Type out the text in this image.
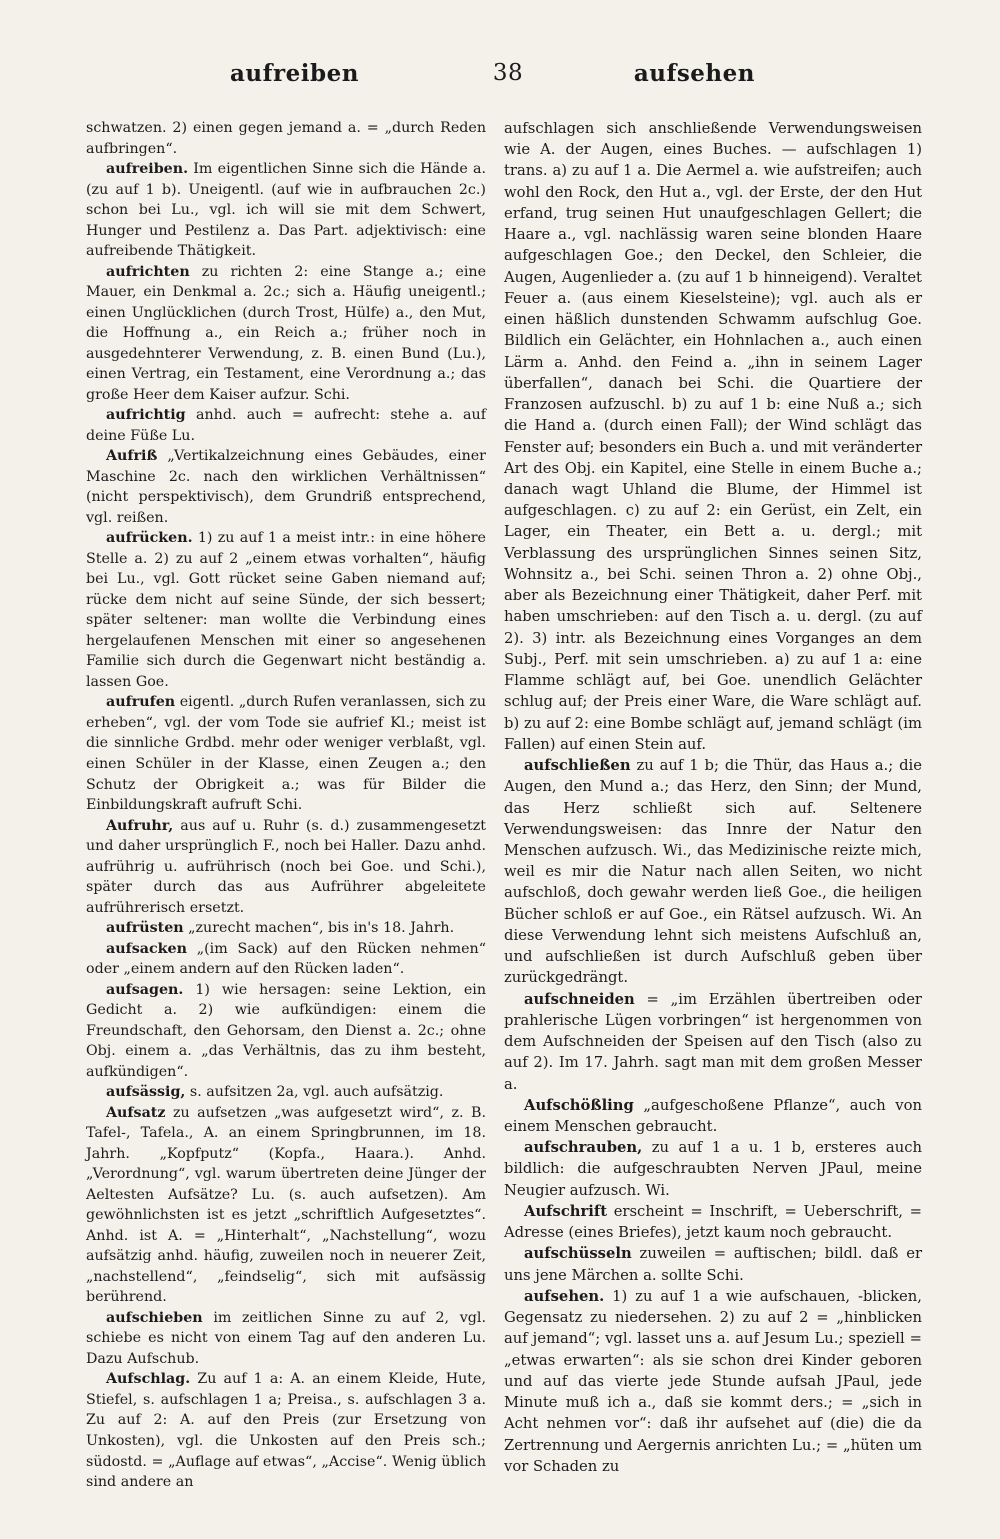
aufreiben	38	aufsehen

schwatzen. 2) einen gegen jemand a. = „durch Reden aufbringen“.

aufreiben. Im eigentlichen Sinne sich die Hände a. (zu auf 1 b). Uneigentl. (auf wie in aufbrauchen 2c.) schon bei Lu., vgl. ich will sie mit dem Schwert, Hunger und Pestilenz a. Das Part. adjektivisch: eine aufreibende Thätigkeit.

aufrichten zu richten 2: eine Stange a.; eine Mauer, ein Denkmal a. 2c.; sich a. Häufig uneigentl.; einen Unglücklichen (durch Trost, Hülfe) a., den Mut, die Hoffnung a., ein Reich a.; früher noch in ausgedehnterer Verwendung, z. B. einen Bund (Lu.), einen Vertrag, ein Testament, eine Verordnung a.; das große Heer dem Kaiser aufzur. Schi.

aufrichtig anhd. auch = aufrecht: stehe a. auf deine Füße Lu.

Aufriß „Vertikalzeichnung eines Gebäudes, einer Maschine 2c. nach den wirklichen Verhältnissen“ (nicht perspektivisch), dem Grundriß entsprechend, vgl. reißen.

aufrücken. 1) zu auf 1 a meist intr.: in eine höhere Stelle a. 2) zu auf 2 „einem etwas vorhalten“, häufig bei Lu., vgl. Gott rücket seine Gaben niemand auf; rücke dem nicht auf seine Sünde, der sich bessert; später seltener: man wollte die Verbindung eines hergelaufenen Menschen mit einer so angesehenen Familie sich durch die Gegenwart nicht beständig a. lassen Goe.

aufrufen eigentl. „durch Rufen veranlassen, sich zu erheben“, vgl. der vom Tode sie aufrief Kl.; meist ist die sinnliche Grdbd. mehr oder weniger verblaßt, vgl. einen Schüler in der Klasse, einen Zeugen a.; den Schutz der Obrigkeit a.; was für Bilder die Einbildungskraft aufruft Schi.

Aufruhr, aus auf u. Ruhr (s. d.) zusammengesetzt und daher ursprünglich F., noch bei Haller. Dazu anhd. aufrührig u. aufrührisch (noch bei Goe. und Schi.), später durch das aus Aufrührer abgeleitete aufrührerisch ersetzt.

aufrüsten „zurecht machen“, bis in's 18. Jahrh.

aufsacken „(im Sack) auf den Rücken nehmen“ oder „einem andern auf den Rücken laden“.

aufsagen. 1) wie hersagen: seine Lektion, ein Gedicht a. 2) wie aufkündigen: einem die Freundschaft, den Gehorsam, den Dienst a. 2c.; ohne Obj. einem a. „das Verhältnis, das zu ihm besteht, aufkündigen“.

aufsässig, s. aufsitzen 2a, vgl. auch aufsätzig.

Aufsatz zu aufsetzen „was aufgesetzt wird“, z. B. Tafel-, Tafela., A. an einem Springbrunnen, im 18. Jahrh. „Kopfputz“ (Kopfa., Haara.). Anhd. „Verordnung“, vgl. warum übertreten deine Jünger der Aeltesten Aufsätze? Lu. (s. auch aufsetzen). Am gewöhnlichsten ist es jetzt „schriftlich Aufgesetztes“. Anhd. ist A. = „Hinterhalt“, „Nachstellung“, wozu aufsätzig anhd. häufig, zuweilen noch in neuerer Zeit, „nachstellend“, „feindselig“, sich mit aufsässig berührend.

aufschieben im zeitlichen Sinne zu auf 2, vgl. schiebe es nicht von einem Tag auf den anderen Lu. Dazu Aufschub.

Aufschlag. Zu auf 1 a: A. an einem Kleide, Hute, Stiefel, s. aufschlagen 1 a; Preisa., s. aufschlagen 3 a. Zu auf 2: A. auf den Preis (zur Ersetzung von Unkosten), vgl. die Unkosten auf den Preis sch.; südostd. = „Auflage auf etwas“, „Accise“. Wenig üblich sind andere an

aufschlagen sich anschließende Verwendungsweisen wie A. der Augen, eines Buches. — aufschlagen 1) trans. a) zu auf 1 a. Die Aermel a. wie aufstreifen; auch wohl den Rock, den Hut a., vgl. der Erste, der den Hut erfand, trug seinen Hut unaufgeschlagen Gellert; die Haare a., vgl. nachlässig waren seine blonden Haare aufgeschlagen Goe.; den Deckel, den Schleier, die Augen, Augenlieder a. (zu auf 1 b hinneigend). Veraltet Feuer a. (aus einem Kieselsteine); vgl. auch als er einen häßlich dunstenden Schwamm aufschlug Goe. Bildlich ein Gelächter, ein Hohnlachen a., auch einen Lärm a. Anhd. den Feind a. „ihn in seinem Lager überfallen“, danach bei Schi. die Quartiere der Franzosen aufzuschl. b) zu auf 1 b: eine Nuß a.; sich die Hand a. (durch einen Fall); der Wind schlägt das Fenster auf; besonders ein Buch a. und mit veränderter Art des Obj. ein Kapitel, eine Stelle in einem Buche a.; danach wagt Uhland die Blume, der Himmel ist aufgeschlagen. c) zu auf 2: ein Gerüst, ein Zelt, ein Lager, ein Theater, ein Bett a. u. dergl.; mit Verblassung des ursprünglichen Sinnes seinen Sitz, Wohnsitz a., bei Schi. seinen Thron a. 2) ohne Obj., aber als Bezeichnung einer Thätigkeit, daher Perf. mit haben umschrieben: auf den Tisch a. u. dergl. (zu auf 2). 3) intr. als Bezeichnung eines Vorganges an dem Subj., Perf. mit sein umschrieben. a) zu auf 1 a: eine Flamme schlägt auf, bei Goe. unendlich Gelächter schlug auf; der Preis einer Ware, die Ware schlägt auf. b) zu auf 2: eine Bombe schlägt auf, jemand schlägt (im Fallen) auf einen Stein auf.

aufschließen zu auf 1 b; die Thür, das Haus a.; die Augen, den Mund a.; das Herz, den Sinn; der Mund, das Herz schließt sich auf. Seltenere Verwendungsweisen: das Innre der Natur den Menschen aufzusch. Wi., das Medizinische reizte mich, weil es mir die Natur nach allen Seiten, wo nicht aufschloß, doch gewahr werden ließ Goe., die heiligen Bücher schloß er auf Goe., ein Rätsel aufzusch. Wi. An diese Verwendung lehnt sich meistens Aufschluß an, und aufschließen ist durch Aufschluß geben über zurückgedrängt.

aufschneiden = „im Erzählen übertreiben oder prahlerische Lügen vorbringen“ ist hergenommen von dem Aufschneiden der Speisen auf den Tisch (also zu auf 2). Im 17. Jahrh. sagt man mit dem großen Messer a.

Aufschößling „aufgeschoßene Pflanze“, auch von einem Menschen gebraucht.

aufschrauben, zu auf 1 a u. 1 b, ersteres auch bildlich: die aufgeschraubten Nerven JPaul, meine Neugier aufzusch. Wi.

Aufschrift erscheint = Inschrift, = Ueberschrift, = Adresse (eines Briefes), jetzt kaum noch gebraucht.

aufschüsseln zuweilen = auftischen; bildl. daß er uns jene Märchen a. sollte Schi.

aufsehen. 1) zu auf 1 a wie aufschauen, -blicken, Gegensatz zu niedersehen. 2) zu auf 2 = „hinblicken auf jemand“; vgl. lasset uns a. auf Jesum Lu.; speziell = „etwas erwarten“: als sie schon drei Kinder geboren und auf das vierte jede Stunde aufsah JPaul, jede Minute muß ich a., daß sie kommt ders.; = „sich in Acht nehmen vor“: daß ihr aufsehet auf (die) die da Zertrennung und Aergernis anrichten Lu.; = „hüten um vor Schaden zu
